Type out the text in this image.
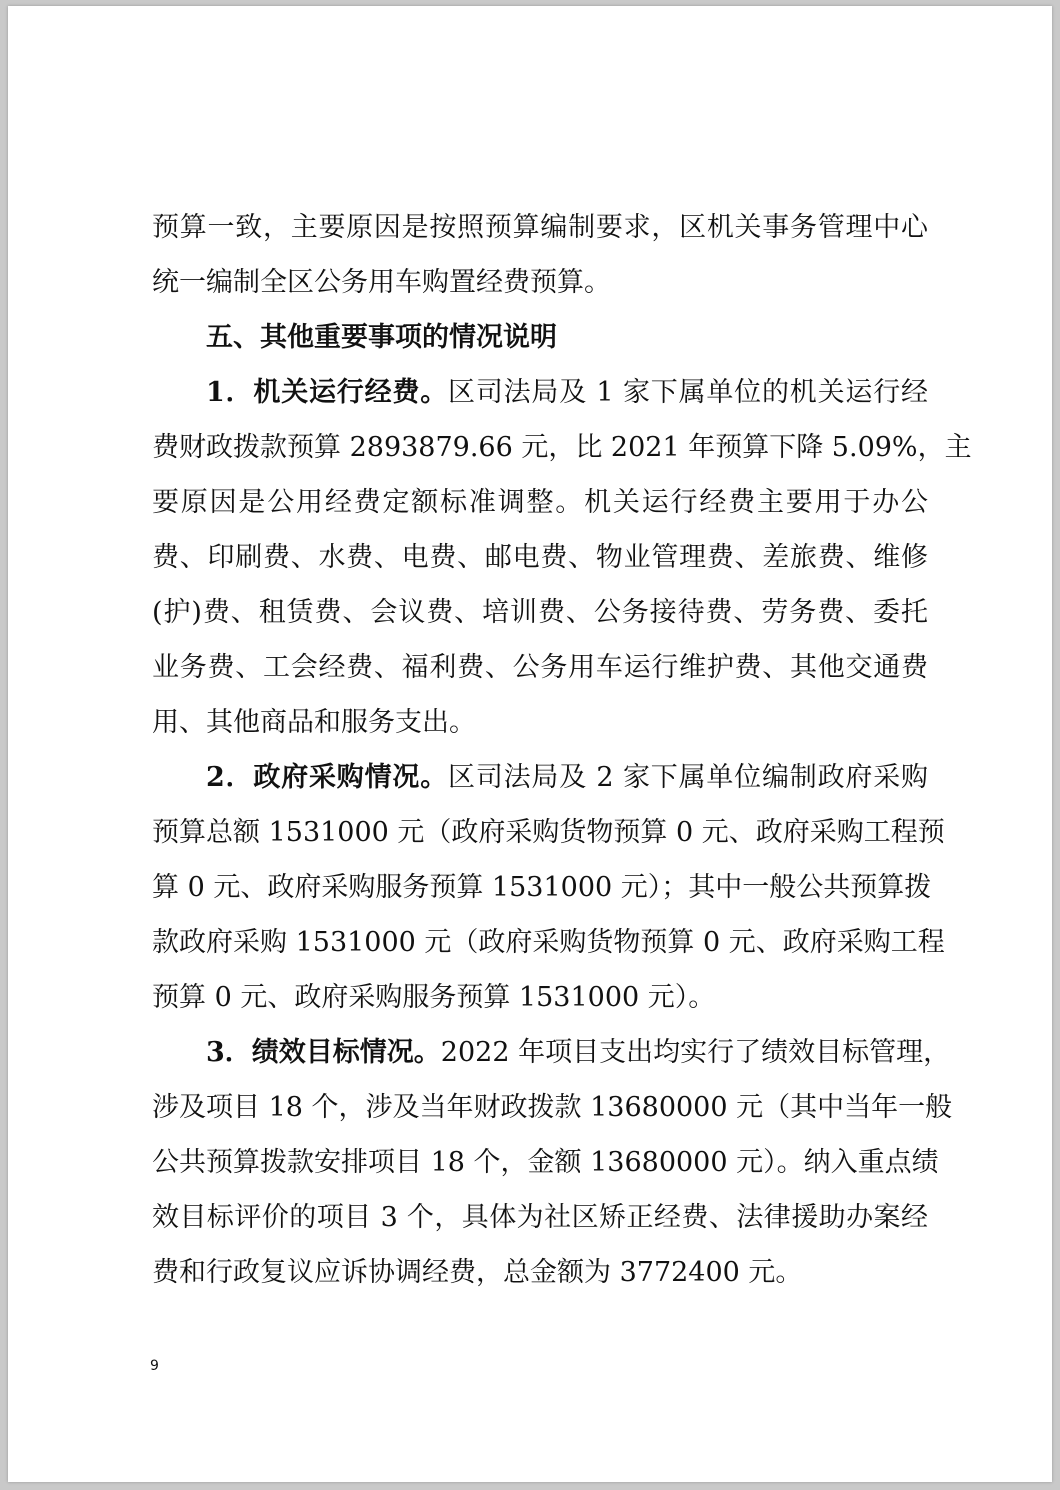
预算一致，主要原因是按照预算编制要求，区机关事务管理中心
统一编制全区公务用车购置经费预算。
五、其他重要事项的情况说明
1．机关运行经费。区司法局及 1 家下属单位的机关运行经
费财政拨款预算 2893879.66 元，比 2021 年预算下降 5.09%，主
要原因是公用经费定额标准调整。机关运行经费主要用于办公
费、印刷费、水费、电费、邮电费、物业管理费、差旅费、维修
(护)费、租赁费、会议费、培训费、公务接待费、劳务费、委托
业务费、工会经费、福利费、公务用车运行维护费、其他交通费
用、其他商品和服务支出。
2．政府采购情况。区司法局及 2 家下属单位编制政府采购
预算总额 1531000 元（政府采购货物预算 0 元、政府采购工程预
算 0 元、政府采购服务预算 1531000 元）；其中一般公共预算拨
款政府采购 1531000 元（政府采购货物预算 0 元、政府采购工程
预算 0 元、政府采购服务预算 1531000 元）。
3．绩效目标情况。2022 年项目支出均实行了绩效目标管理，
涉及项目 18 个，涉及当年财政拨款 13680000 元（其中当年一般
公共预算拨款安排项目 18 个，金额 13680000 元）。纳入重点绩
效目标评价的项目 3 个，具体为社区矫正经费、法律援助办案经
费和行政复议应诉协调经费，总金额为 3772400 元。
9
